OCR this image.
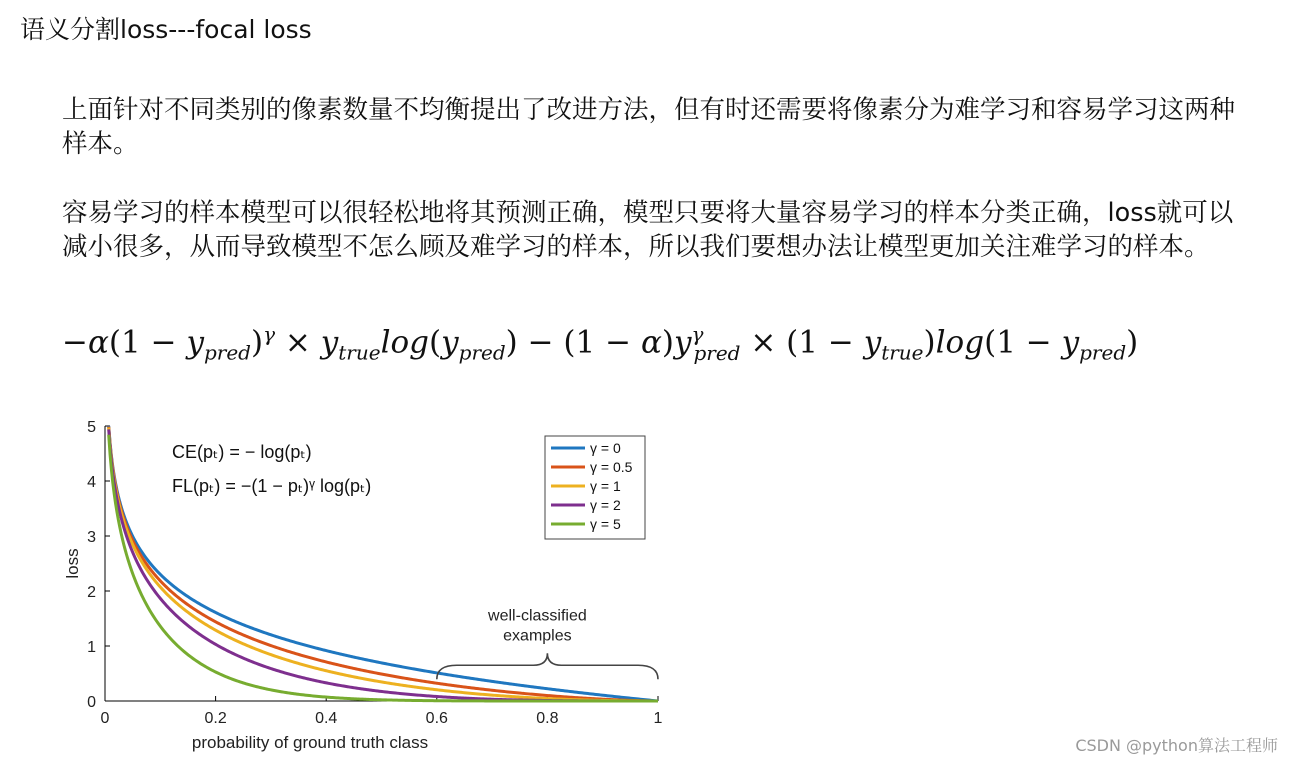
语义分割loss---focal loss
上面针对不同类别的像素数量不均衡提出了改进方法，但有时还需要将像素分为难学习和容易学习这两种样本。
容易学习的样本模型可以很轻松地将其预测正确，模型只要将大量容易学习的样本分类正确，loss就可以减小很多，从而导致模型不怎么顾及难学习的样本，所以我们要想办法让模型更加关注难学习的样本。
$-\alpha(1 - y_{pred})^\gamma \times y_{true}\log(y_{pred}) - (1 - \alpha)y^\gamma_{pred} \times (1 - y_{true})\log(1 - y_{pred})$
0	0.2	0.4	0.6	0.8	1
0
1
2
3
4
5
probability of ground truth class
loss
CE(pₜ) = − log(pₜ)
FL(pₜ) = −(1 − pₜ)ᵞ log(pₜ)
γ = 0
γ = 0.5
γ = 1
γ = 2
γ = 5
well-classified
examples
CSDN @python算法工程师
